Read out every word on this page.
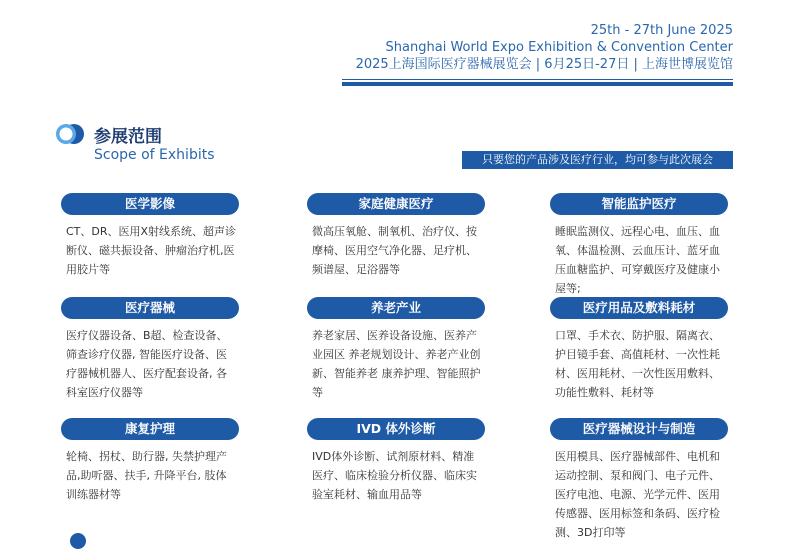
25th - 27th June 2025
Shanghai World Expo Exhibition & Convention Center
2025上海国际医疗器械展览会 | 6月25日-27日 | 上海世博展览馆
参展范围
Scope of Exhibits	只要您的产品涉及医疗行业，均可参与此次展会
医学影像
CT、DR、医用X射线系统、超声诊断仪、磁共振设备、肿瘤治疗机,医用胶片等
家庭健康医疗
微高压氧舱、制氧机、治疗仪、按摩椅、医用空气净化器、足疗机、频谱屋、足浴器等
智能监护医疗
睡眠监测仪、远程心电、血压、血氧、体温检测、云血压计、蓝牙血压血糖监护、可穿戴医疗及健康小屋等;
医疗器械
医疗仪器设备、B超、检查设备、筛查诊疗仪器, 智能医疗设备、医疗器械机器人、医疗配套设备, 各科室医疗仪器等
养老产业
养老家居、医养设备设施、医养产业园区 养老规划设计、养老产业创新、智能养老 康养护理、智能照护等
医疗用品及敷料耗材
口罩、手术衣、防护服、隔离衣、护目镜手套、高值耗材、一次性耗材、医用耗材、一次性医用敷料、功能性敷料、耗材等
康复护理
轮椅、拐杖、助行器, 失禁护理产品,助听器、扶手, 升降平台, 肢体训练器材等
IVD 体外诊断
IVD体外诊断、试剂原材料、精准医疗、临床检验分析仪器、临床实验室耗材、输血用品等
医疗器械设计与制造
医用模具、医疗器械部件、电机和运动控制、泵和阀门、电子元件、医疗电池、电源、光学元件、医用传感器、医用标签和条码、医疗检测、3D打印等
